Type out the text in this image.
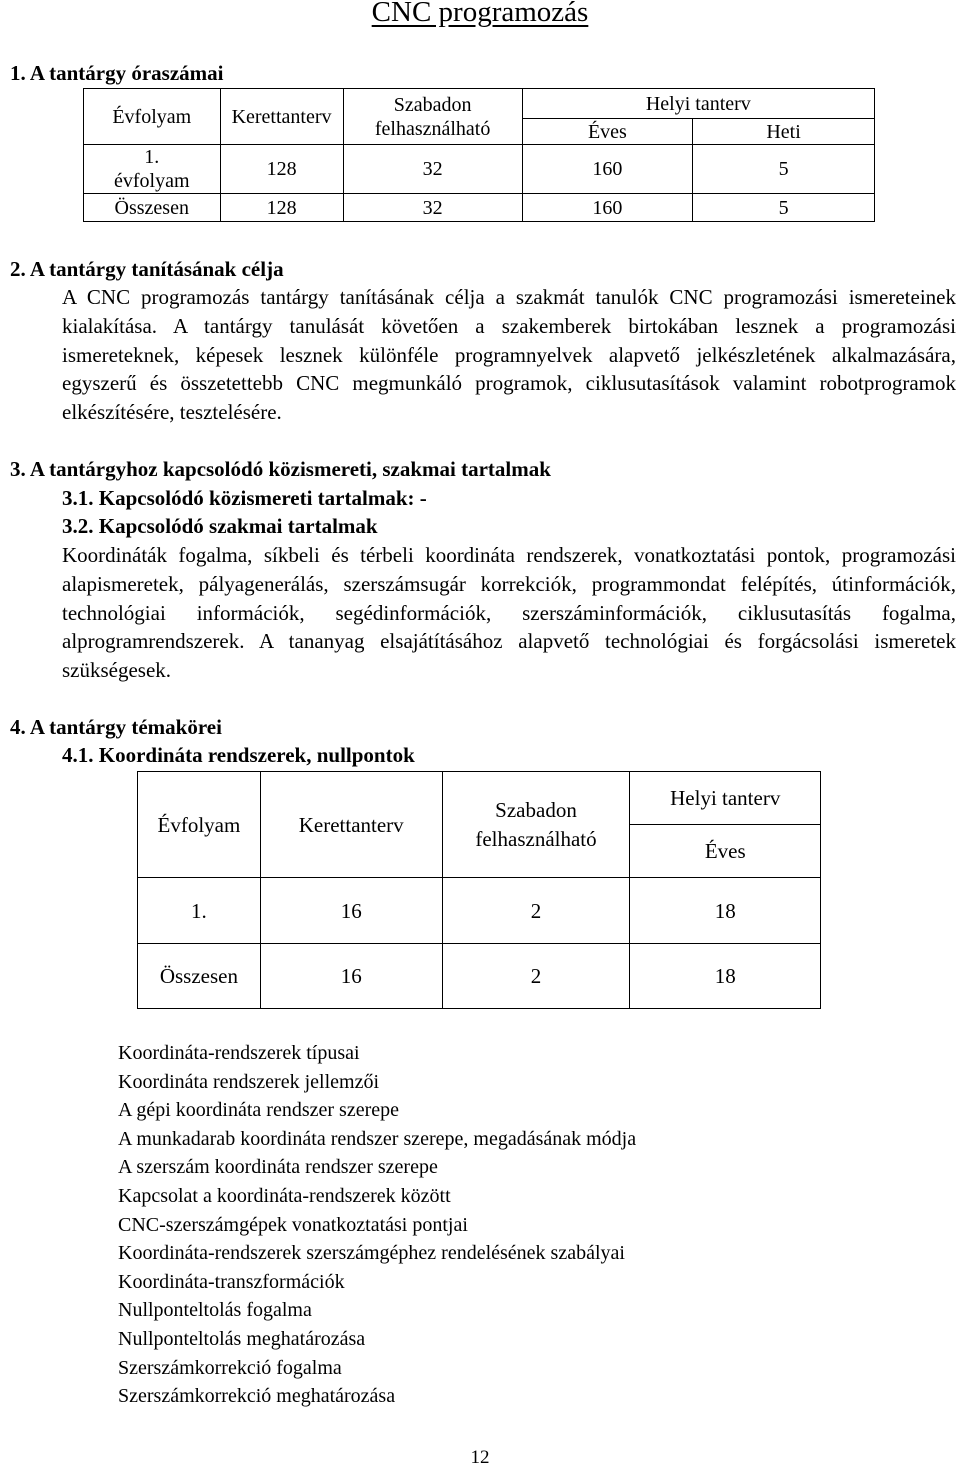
CNC programozás
1. A tantárgy óraszámai
Évfolyam	Kerettanterv	Szabadon felhasználható	Helyi tanterv	
			Éves	Heti
1. évfolyam	128	32	160	5
Összesen	128	32	160	5
2. A tantárgy tanításának célja

A CNC programozás tantárgy tanításának célja a szakmát tanulók CNC programozási ismereteinek kialakítása. A tantárgy tanulását követően a szakemberek birtokában lesznek a programozási ismereteknek, képesek lesznek különféle programnyelvek alapvető jelkészletének alkalmazására, egyszerű és összetettebb CNC megmunkáló programok, ciklusutasítások valamint robotprogramok elkészítésére, tesztelésére.

3. A tantárgyhoz kapcsolódó közismereti, szakmai tartalmak
3.1. Kapcsolódó közismereti tartalmak: -
3.2. Kapcsolódó szakmai tartalmak

Koordináták fogalma, síkbeli és térbeli koordináta rendszerek, vonatkoztatási pontok, programozási alapismeretek, pályagenerálás, szerszámsugár korrekciók, programmondat felépítés, útinformációk, technológiai információk, segédinformációk, szerszáminformációk, ciklusutasítás fogalma, alprogramrendszerek. A tananyag elsajátításához alapvető technológiai és forgácsolási ismeretek szükségesek.

4. A tantárgy témakörei
4.1. Koordináta rendszerek, nullpontok
Évfolyam	Kerettanterv	Szabadon felhasználható	Helyi tanterv
			Éves
1.	16	2	18
Összesen	16	2	18
Koordináta-rendszerek típusai
Koordináta rendszerek jellemzői
A gépi koordináta rendszer szerepe
A munkadarab koordináta rendszer szerepe, megadásának módja
A szerszám koordináta rendszer szerepe
Kapcsolat a koordináta-rendszerek között
CNC-szerszámgépek vonatkoztatási pontjai
Koordináta-rendszerek szerszámgéphez rendelésének szabályai
Koordináta-transzformációk
Nullponteltolás fogalma
Nullponteltolás meghatározása
Szerszámkorrekció fogalma
Szerszámkorrekció meghatározása

12
